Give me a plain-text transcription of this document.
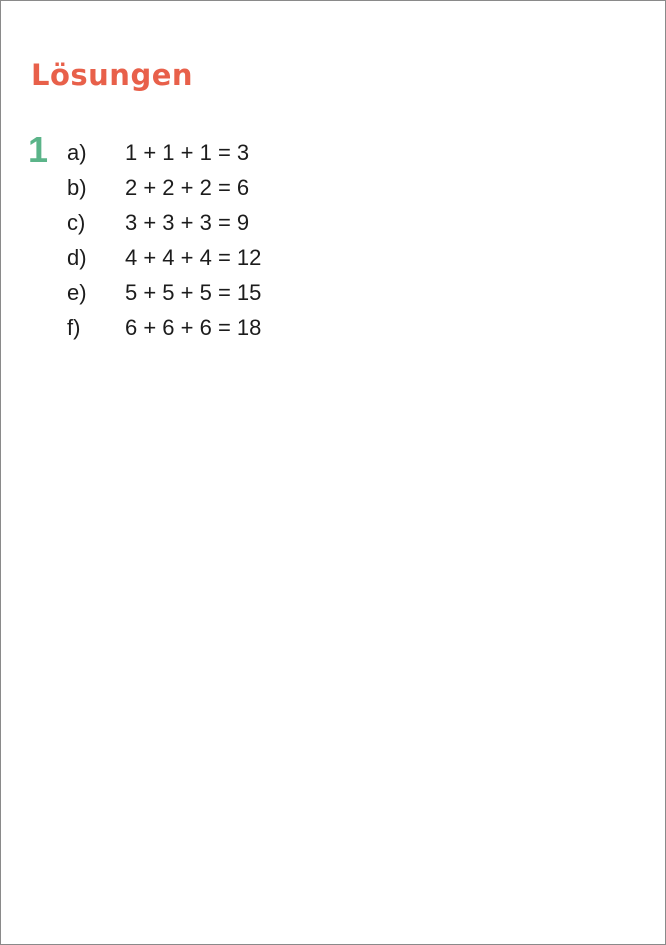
Lösungen
1 a)	1 + 1 + 1 = 3
b)	2 + 2 + 2 = 6
c)	3 + 3 + 3 = 9
d)	4 + 4 + 4 = 12
e)	5 + 5 + 5 = 15
f)	6 + 6 + 6 = 18
